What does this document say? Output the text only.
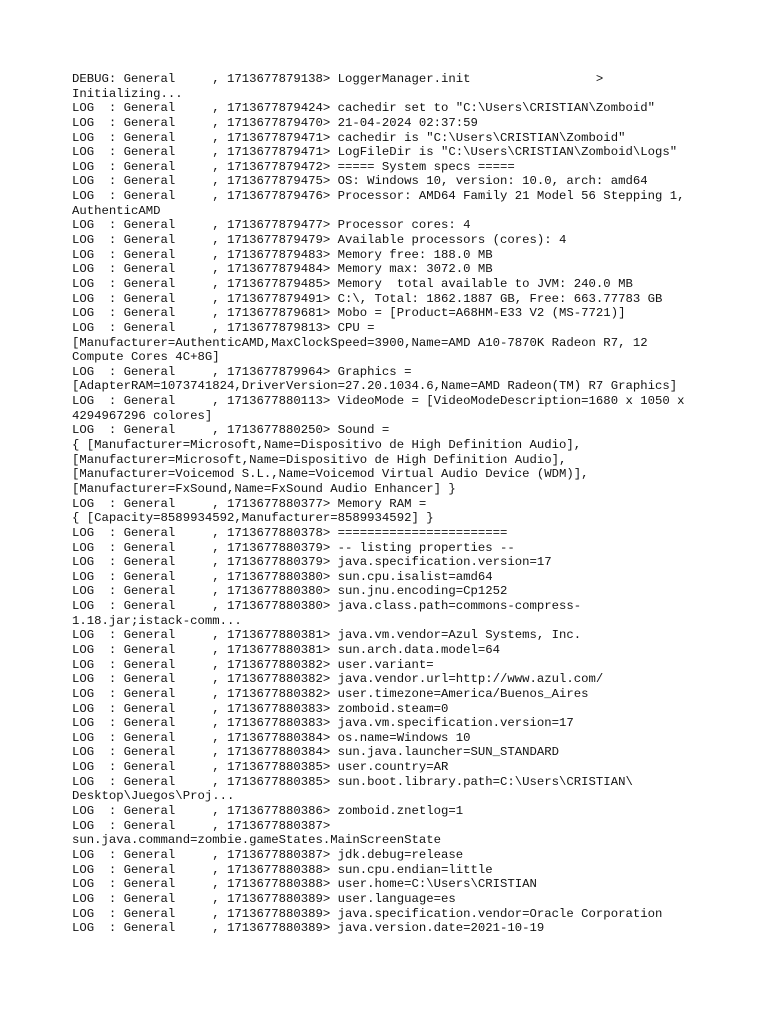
DEBUG: General     , 1713677879138> LoggerManager.init                 >
Initializing...
LOG  : General     , 1713677879424> cachedir set to "C:\Users\CRISTIAN\Zomboid"
LOG  : General     , 1713677879470> 21-04-2024 02:37:59
LOG  : General     , 1713677879471> cachedir is "C:\Users\CRISTIAN\Zomboid"
LOG  : General     , 1713677879471> LogFileDir is "C:\Users\CRISTIAN\Zomboid\Logs"
LOG  : General     , 1713677879472> ===== System specs =====
LOG  : General     , 1713677879475> OS: Windows 10, version: 10.0, arch: amd64
LOG  : General     , 1713677879476> Processor: AMD64 Family 21 Model 56 Stepping 1,
AuthenticAMD
LOG  : General     , 1713677879477> Processor cores: 4
LOG  : General     , 1713677879479> Available processors (cores): 4
LOG  : General     , 1713677879483> Memory free: 188.0 MB
LOG  : General     , 1713677879484> Memory max: 3072.0 MB
LOG  : General     , 1713677879485> Memory  total available to JVM: 240.0 MB
LOG  : General     , 1713677879491> C:\, Total: 1862.1887 GB, Free: 663.77783 GB
LOG  : General     , 1713677879681> Mobo = [Product=A68HM-E33 V2 (MS-7721)]
LOG  : General     , 1713677879813> CPU =
[Manufacturer=AuthenticAMD,MaxClockSpeed=3900,Name=AMD A10-7870K Radeon R7, 12
Compute Cores 4C+8G]
LOG  : General     , 1713677879964> Graphics =
[AdapterRAM=1073741824,DriverVersion=27.20.1034.6,Name=AMD Radeon(TM) R7 Graphics]
LOG  : General     , 1713677880113> VideoMode = [VideoModeDescription=1680 x 1050 x
4294967296 colores]
LOG  : General     , 1713677880250> Sound =
{ [Manufacturer=Microsoft,Name=Dispositivo de High Definition Audio],
[Manufacturer=Microsoft,Name=Dispositivo de High Definition Audio],
[Manufacturer=Voicemod S.L.,Name=Voicemod Virtual Audio Device (WDM)],
[Manufacturer=FxSound,Name=FxSound Audio Enhancer] }
LOG  : General     , 1713677880377> Memory RAM =
{ [Capacity=8589934592,Manufacturer=8589934592] }
LOG  : General     , 1713677880378> =======================
LOG  : General     , 1713677880379> -- listing properties --
LOG  : General     , 1713677880379> java.specification.version=17
LOG  : General     , 1713677880380> sun.cpu.isalist=amd64
LOG  : General     , 1713677880380> sun.jnu.encoding=Cp1252
LOG  : General     , 1713677880380> java.class.path=commons-compress-
1.18.jar;istack-comm...
LOG  : General     , 1713677880381> java.vm.vendor=Azul Systems, Inc.
LOG  : General     , 1713677880381> sun.arch.data.model=64
LOG  : General     , 1713677880382> user.variant=
LOG  : General     , 1713677880382> java.vendor.url=http://www.azul.com/
LOG  : General     , 1713677880382> user.timezone=America/Buenos_Aires
LOG  : General     , 1713677880383> zomboid.steam=0
LOG  : General     , 1713677880383> java.vm.specification.version=17
LOG  : General     , 1713677880384> os.name=Windows 10
LOG  : General     , 1713677880384> sun.java.launcher=SUN_STANDARD
LOG  : General     , 1713677880385> user.country=AR
LOG  : General     , 1713677880385> sun.boot.library.path=C:\Users\CRISTIAN\
Desktop\Juegos\Proj...
LOG  : General     , 1713677880386> zomboid.znetlog=1
LOG  : General     , 1713677880387>
sun.java.command=zombie.gameStates.MainScreenState
LOG  : General     , 1713677880387> jdk.debug=release
LOG  : General     , 1713677880388> sun.cpu.endian=little
LOG  : General     , 1713677880388> user.home=C:\Users\CRISTIAN
LOG  : General     , 1713677880389> user.language=es
LOG  : General     , 1713677880389> java.specification.vendor=Oracle Corporation
LOG  : General     , 1713677880389> java.version.date=2021-10-19
